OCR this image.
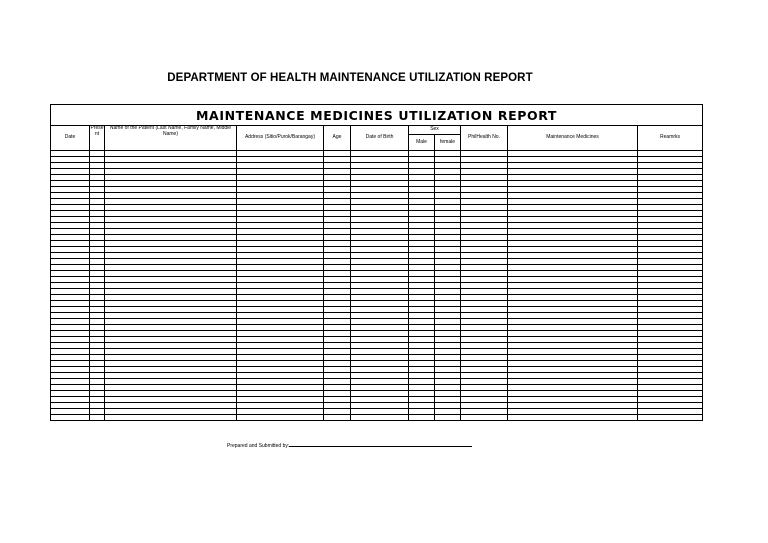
DEPARTMENT OF HEALTH MAINTENANCE UTILIZATION REPORT
MAINTENANCE MEDICINES UTILIZATION REPORT										
Date	Prese nt	Name of the Patient (Last Name, Family Name, Middle Name)	Address (Sitio/Purok/Barangay)	Age	Date of Birth	Sex		PhilHealth No.	Maintenance Medicines	Reamrks
						Male	female			

Prepared and Submitted by:
